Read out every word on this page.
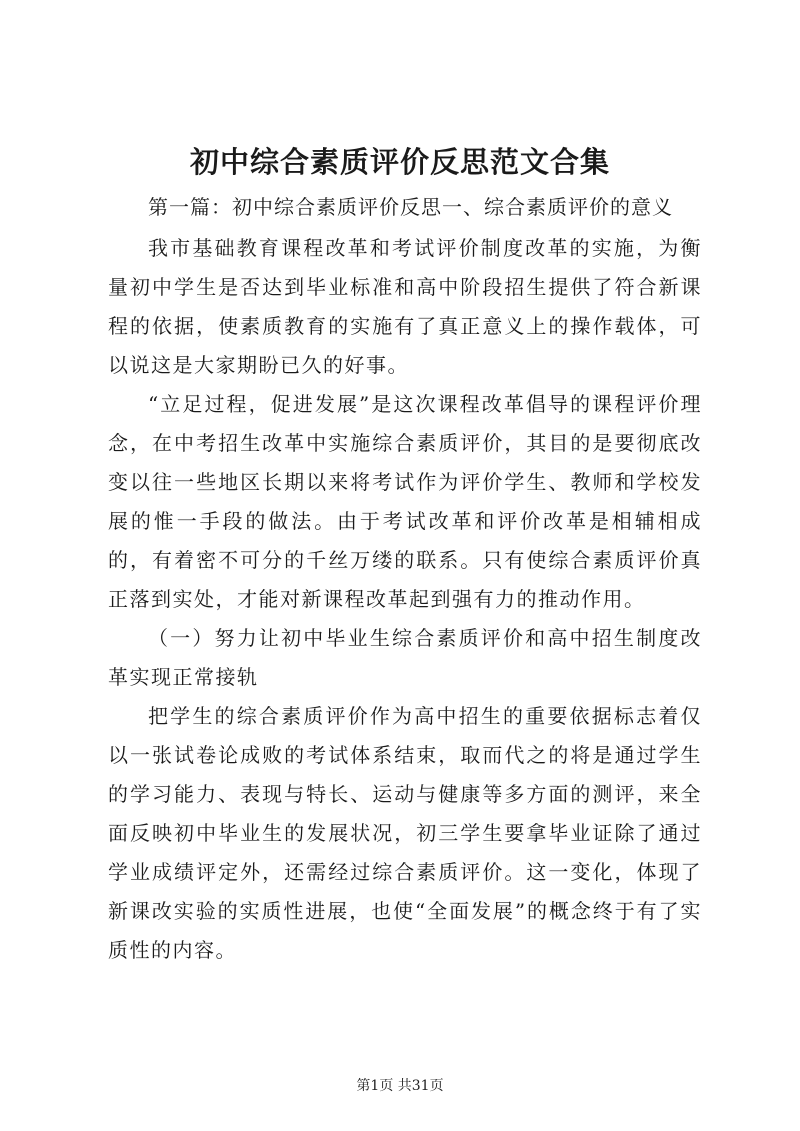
初中综合素质评价反思范文合集

第一篇：初中综合素质评价反思一、综合素质评价的意义

我市基础教育课程改革和考试评价制度改革的实施，为衡量初中学生是否达到毕业标准和高中阶段招生提供了符合新课程的依据，使素质教育的实施有了真正意义上的操作载体，可以说这是大家期盼已久的好事。

“立足过程，促进发展”是这次课程改革倡导的课程评价理念，在中考招生改革中实施综合素质评价，其目的是要彻底改变以往一些地区长期以来将考试作为评价学生、教师和学校发展的惟一手段的做法。由于考试改革和评价改革是相辅相成的，有着密不可分的千丝万缕的联系。只有使综合素质评价真正落到实处，才能对新课程改革起到强有力的推动作用。

（一）努力让初中毕业生综合素质评价和高中招生制度改革实现正常接轨

把学生的综合素质评价作为高中招生的重要依据标志着仅以一张试卷论成败的考试体系结束，取而代之的将是通过学生的学习能力、表现与特长、运动与健康等多方面的测评，来全面反映初中毕业生的发展状况，初三学生要拿毕业证除了通过学业成绩评定外，还需经过综合素质评价。这一变化，体现了新课改实验的实质性进展，也使“全面发展”的概念终于有了实质性的内容。

第1页 共31页
